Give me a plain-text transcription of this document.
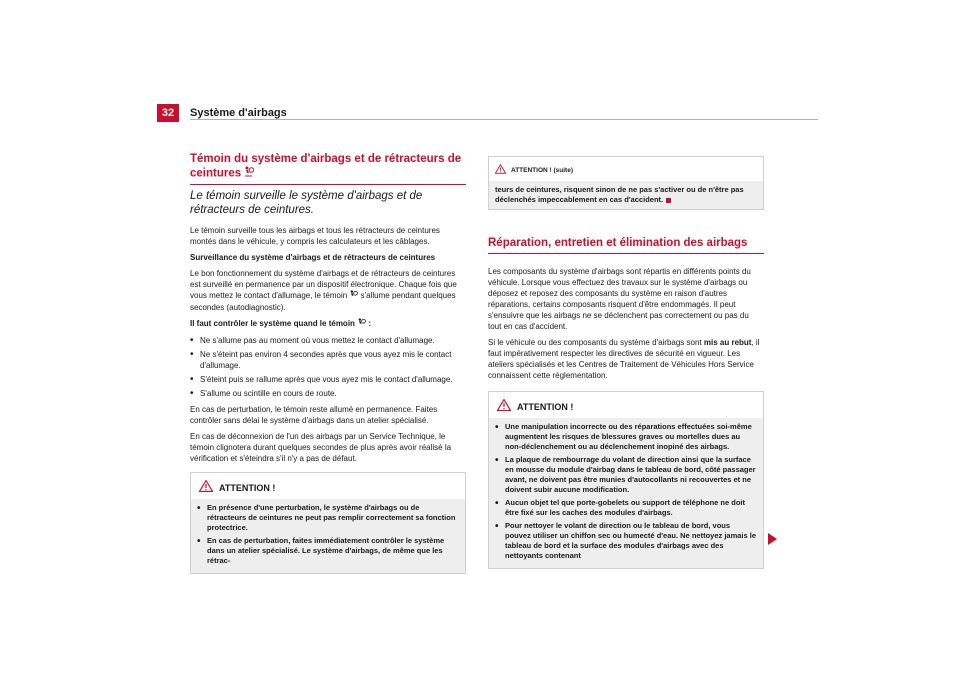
32	Système d'airbags
Témoin du système d'airbags et de rétracteurs de ceintures
Le témoin surveille le système d'airbags et de rétracteurs de ceintures.

Le témoin surveille tous les airbags et tous les rétracteurs de ceintures montés dans le véhicule, y compris les calculateurs et les câblages.

Surveillance du système d'airbags et de rétracteurs de ceintures

Le bon fonctionnement du système d'airbags et de rétracteurs de ceintures est surveillé en permanence par un dispositif électronique. Chaque fois que vous mettez le contact d'allumage, le témoin s'allume pendant quelques secondes (autodiagnostic).

Il faut contrôler le système quand le témoin :

• Ne s'allume pas au moment où vous mettez le contact d'allumage.
• Ne s'éteint pas environ 4 secondes après que vous ayez mis le contact d'allumage.
• S'éteint puis se rallume après que vous ayez mis le contact d'allumage.
• S'allume ou scintille en cours de route.

En cas de perturbation, le témoin reste allumé en permanence. Faites contrôler sans délai le système d'airbags dans un atelier spécialisé.

En cas de déconnexion de l'un des airbags par un Service Technique, le témoin clignotera durant quelques secondes de plus après avoir réalisé la vérification et s'éteindra s'il n'y a pas de défaut.

ATTENTION !
• En présence d'une perturbation, le système d'airbags ou de rétracteurs de ceintures ne peut pas remplir correctement sa fonction protectrice.
• En cas de perturbation, faites immédiatement contrôler le système dans un atelier spécialisé. Le système d'airbags, de même que les rétrac-
ATTENTION ! (suite)

teurs de ceintures, risquent sinon de ne pas s'activer ou de n'être pas déclenchés impeccablement en cas d'accident.

Réparation, entretien et élimination des airbags

Les composants du système d'airbags sont répartis en différents points du véhicule. Lorsque vous effectuez des travaux sur le système d'airbags ou déposez et reposez des composants du système en raison d'autres réparations, certains composants risquent d'être endommagés. Il peut s'ensuivre que les airbags ne se déclenchent pas correctement ou pas du tout en cas d'accident.

Si le véhicule ou des composants du système d'airbags sont mis au rebut, il faut impérativement respecter les directives de sécurité en vigueur. Les ateliers spécialisés et les Centres de Traitement de Véhicules Hors Service connaissent cette réglementation.

ATTENTION !
• Une manipulation incorrecte ou des réparations effectuées soi-même augmentent les risques de blessures graves ou mortelles dues au non-déclenchement ou au déclenchement inopiné des airbags.
• La plaque de rembourrage du volant de direction ainsi que la surface en mousse du module d'airbag dans le tableau de bord, côté passager avant, ne doivent pas être munies d'autocollants ni recouvertes et ne doivent subir aucune modification.
• Aucun objet tel que porte-gobelets ou support de téléphone ne doit être fixé sur les caches des modules d'airbags.
• Pour nettoyer le volant de direction ou le tableau de bord, vous pouvez utiliser un chiffon sec ou humecté d'eau. Ne nettoyez jamais le tableau de bord et la surface des modules d'airbags avec des nettoyants contenant
